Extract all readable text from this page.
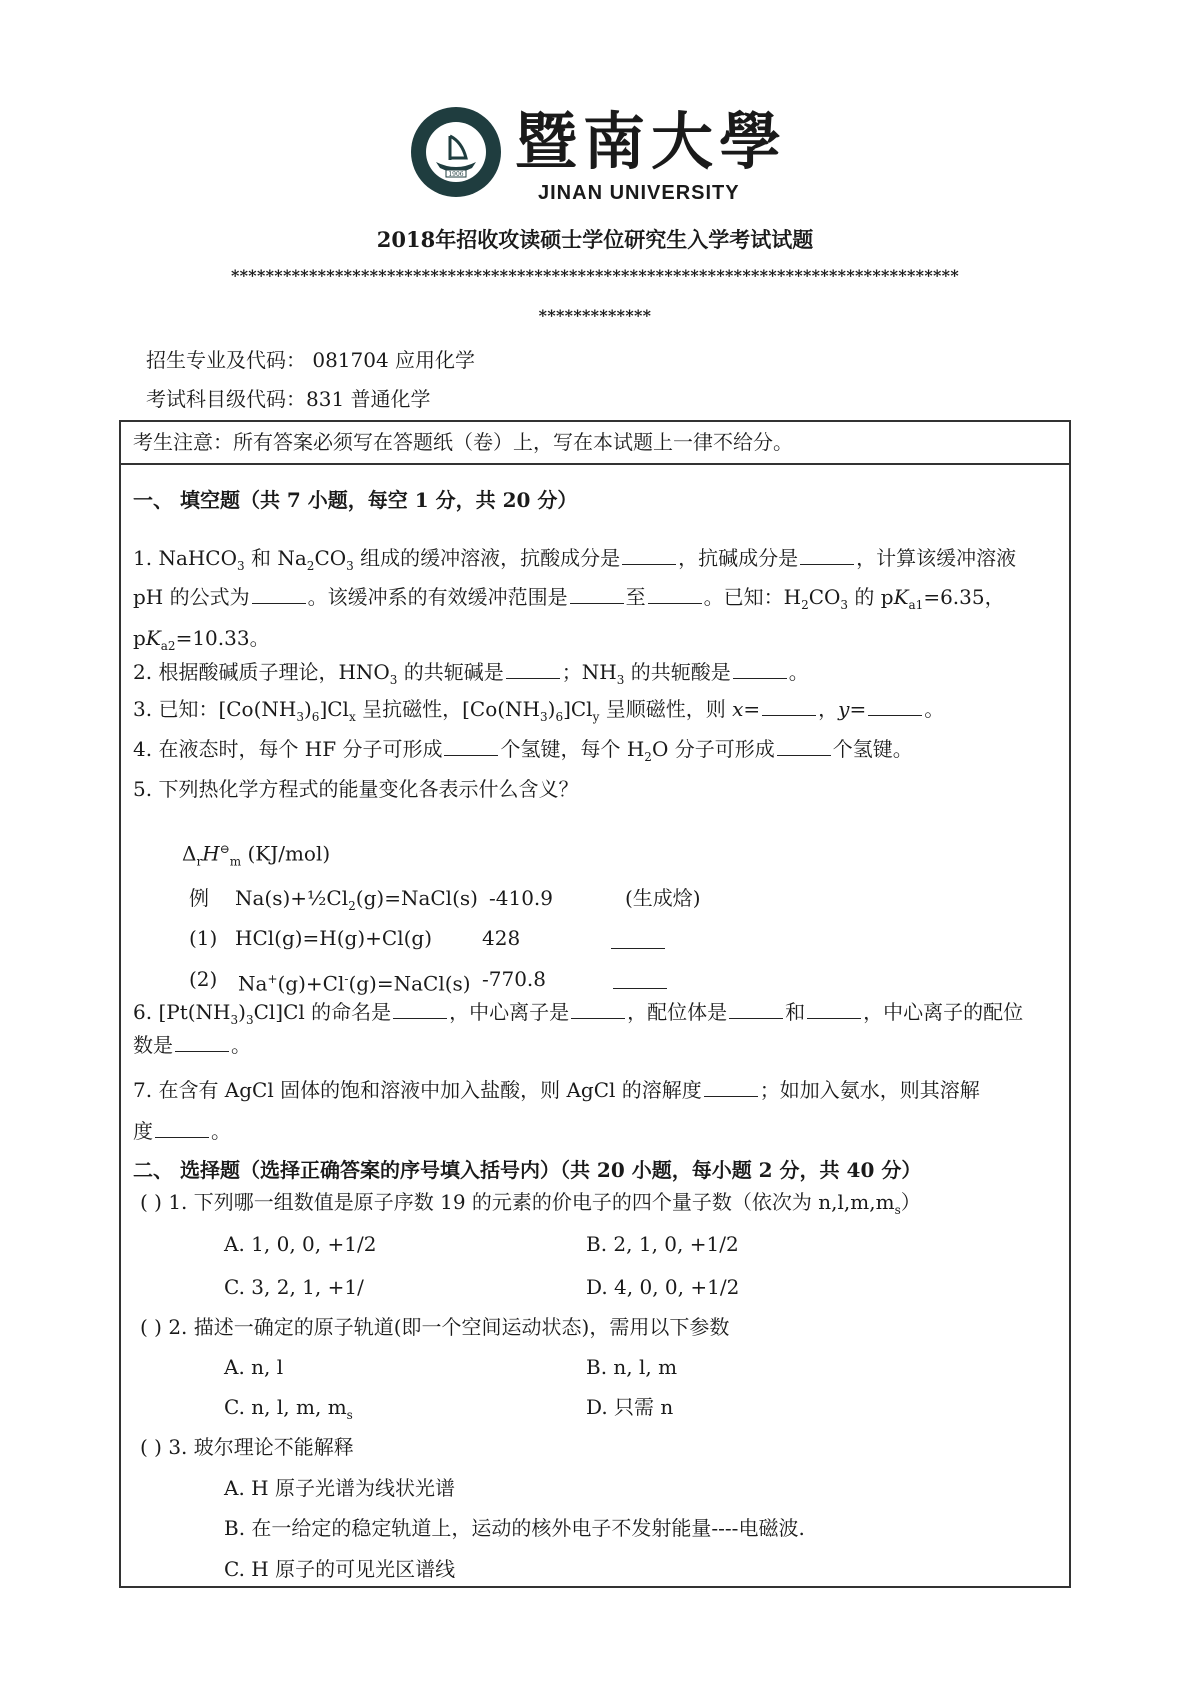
1906 暨南大學
JINAN UNIVERSITY
2018年招收攻读硕士学位研究生入学考试试题
************************************************************************************
*************
招生专业及代码： 081704 应用化学
考试科目级代码：831 普通化学
考生注意：所有答案必须写在答题纸（卷）上，写在本试题上一律不给分。
一、 填空题（共 7 小题，每空 1 分，共 20 分）
1. NaHCO$_3$ 和 $Na_2CO_3$ 组成的缓冲溶液，抗酸成分是	，抗碱成分是	，计算该缓冲溶液
pH 的公式为	。该缓冲系的有效缓冲范围是	至	。已知：$H_2CO_3$ 的 $pK_{a1}=6.35$，
$pK_{a2}=10.33$。
2. 根据酸碱质子理论，$HNO_3$ 的共轭碱是	；$NH_3$ 的共轭酸是	。
3. 已知：$[Co(NH_3)_6]Cl_x$ 呈抗磁性，$[Co(NH_3)_6]Cl_y$ 呈顺磁性，则 x=	，y=	。
4. 在液态时，每个 HF 分子可形成	个氢键，每个 $H_2O$ 分子可形成	个氢键。
5. 下列热化学方程式的能量变化各表示什么含义？
$\Delta_rH^⊖_m$ (KJ/mol)
例 $Na(s)+\frac{1}{2}Cl_2(g)=NaCl(s)$ -410.9	(生成焓)
(1) HCl(g)=H(g)+Cl(g) 428
(2) Na+(g)+Cl-(g)=NaCl(s) -770.8
6. $[Pt(NH_3)_3Cl]Cl$ 的命名是	，中心离子是	，配位体是	和	，中心离子的配位
数是	。
7. 在含有 AgCl 固体的饱和溶液中加入盐酸，则 AgCl 的溶解度	；如加入氨水，则其溶解
度	。
二、 选择题（选择正确答案的序号填入括号内）（共 20 小题，每小题 2 分，共 40 分）
( ) 1. 下列哪一组数值是原子序数 19 的元素的价电子的四个量子数（依次为 $n,l,m,m_s$）
A. 1, 0, 0, +1/2	B. 2, 1, 0, +1/2
C. 3, 2, 1, +1/	D. 4, 0, 0, +1/2
( ) 2. 描述一确定的原子轨道(即一个空间运动状态)，需用以下参数
A. n, l	B. n, l, m
C. n, l, m, $m_s$	D. 只需 n
( ) 3. 玻尔理论不能解释
A. H 原子光谱为线状光谱
B. 在一给定的稳定轨道上，运动的核外电子不发射能量----电磁波.
C. H 原子的可见光区谱线
